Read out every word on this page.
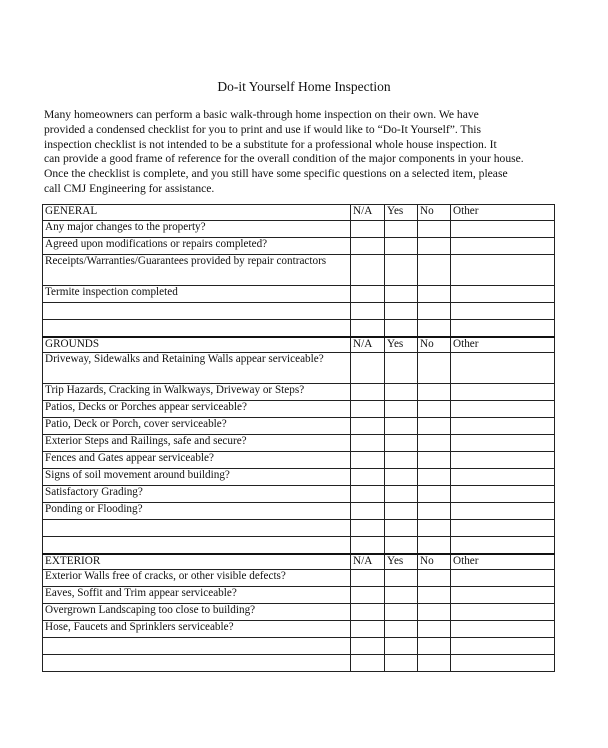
Do-it Yourself Home Inspection

Many homeowners can perform a basic walk-through home inspection on their own. We have

provided a condensed checklist for you to print and use if would like to “Do-It Yourself”. This

inspection checklist is not intended to be a substitute for a professional whole house inspection. It

can provide a good frame of reference for the overall condition of the major components in your house.

Once the checklist is complete, and you still have some specific questions on a selected item, please

call CMJ Engineering for assistance.

GENERAL	N/A	Yes	No	Other
Any major changes to the property?				
Agreed upon modifications or repairs completed?				
Receipts/Warranties/Guarantees provided by repair contractors				
Termite inspection completed				

GROUNDS	N/A	Yes	No	Other
Driveway, Sidewalks and Retaining Walls appear serviceable?				
Trip Hazards, Cracking in Walkways, Driveway or Steps?				
Patios, Decks or Porches appear serviceable?				
Patio, Deck or Porch, cover serviceable?				
Exterior Steps and Railings, safe and secure?				
Fences and Gates appear serviceable?				
Signs of soil movement around building?				
Satisfactory Grading?				
Ponding or Flooding?				

EXTERIOR	N/A	Yes	No	Other
Exterior Walls free of cracks, or other visible defects?				
Eaves, Soffit and Trim appear serviceable?				
Overgrown Landscaping too close to building?				
Hose, Faucets and Sprinklers serviceable?				
